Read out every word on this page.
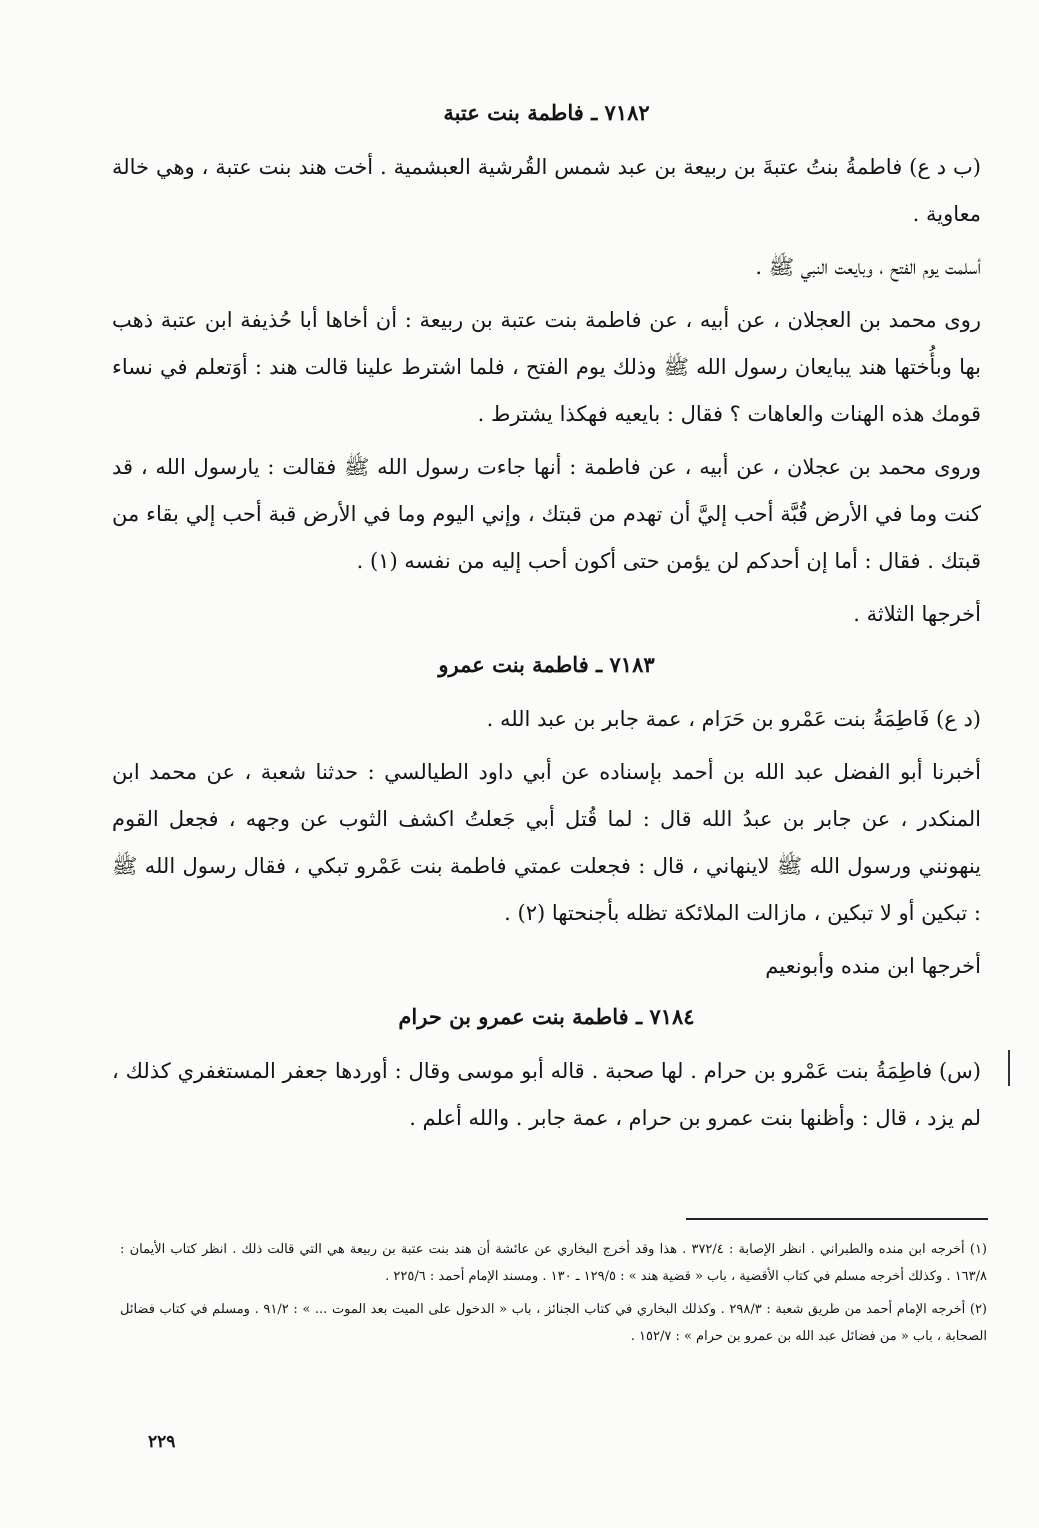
٧١٨٢ ـ فاطمة بنت عتبة

(ب د ع) فاطمةُ بنتُ عتبةَ بن ربيعة بن عبد شمس القُرشية العبشمية . أخت هند بنت عتبة ، وهي خالة معاوية .

أسلمت يوم الفتح ، وبايعت النبي ﷺ .

روى محمد بن العجلان ، عن أبيه ، عن فاطمة بنت عتبة بن ربيعة : أن أخاها أبا حُذيفة ابن عتبة ذهب بها وبأُختها هند يبايعان رسول الله ﷺ وذلك يوم الفتح ، فلما اشترط علينا قالت هند : أوَتعلم في نساء قومك هذه الهنات والعاهات ؟ فقال : بايعيه فهكذا يشترط .

وروى محمد بن عجلان ، عن أبيه ، عن فاطمة : أنها جاءت رسول الله ﷺ فقالت : يارسول الله ، قد كنت وما في الأرض قُبَّة أحب إليَّ أن تهدم من قبتك ، وإني اليوم وما في الأرض قبة أحب إلي بقاء من قبتك . فقال : أما إن أحدكم لن يؤمن حتى أكون أحب إليه من نفسه (١) .

أخرجها الثلاثة .

٧١٨٣ ـ فاطمة بنت عمرو

(د ع) فَاطِمَةُ بنت عَمْرو بن حَرَام ، عمة جابر بن عبد الله .

أخبرنا أبو الفضل عبد الله بن أحمد بإسناده عن أبي داود الطيالسي : حدثنا شعبة ، عن محمد ابن المنكدر ، عن جابر بن عبدُ الله قال : لما قُتل أبي جَعلتُ اكشف الثوب عن وجهه ، فجعل القوم ينهونني ورسول الله ﷺ لاينهاني ، قال : فجعلت عمتي فاطمة بنت عَمْرو تبكي ، فقال رسول الله ﷺ : تبكين أو لا تبكين ، مازالت الملائكة تظله بأجنحتها (٢) .

أخرجها ابن منده وأبونعيم

٧١٨٤ ـ فاطمة بنت عمرو بن حرام

(س) فاطِمَةُ بنت عَمْرو بن حرام . لها صحبة . قاله أبو موسى وقال : أوردها جعفر المستغفري كذلك ، لم يزد ، قال : وأظنها بنت عمرو بن حرام ، عمة جابر . والله أعلم .

(١) أخرجه ابن منده والطبراني . انظر الإصابة : ٣٧٢/٤ . هذا وقد أخرج البخاري عن عائشة أن هند بنت عتبة بن ربيعة هي التي قالت ذلك . انظر كتاب الأيمان : ١٦٣/٨ . وكذلك أخرجه مسلم في كتاب الأقضية ، باب « قضية هند » : ١٢٩/٥ ـ ١٣٠ . ومسند الإمام أحمد : ٢٢٥/٦ .

(٢) أخرجه الإمام أحمد من طريق شعبة : ٢٩٨/٣ . وكذلك البخاري في كتاب الجنائز ، باب « الدخول على الميت بعد الموت ... » : ٩١/٢ . ومسلم في كتاب فضائل الصحابة ، باب « من فضائل عبد الله بن عمرو بن حرام » : ١٥٢/٧ .

٢٢٩
